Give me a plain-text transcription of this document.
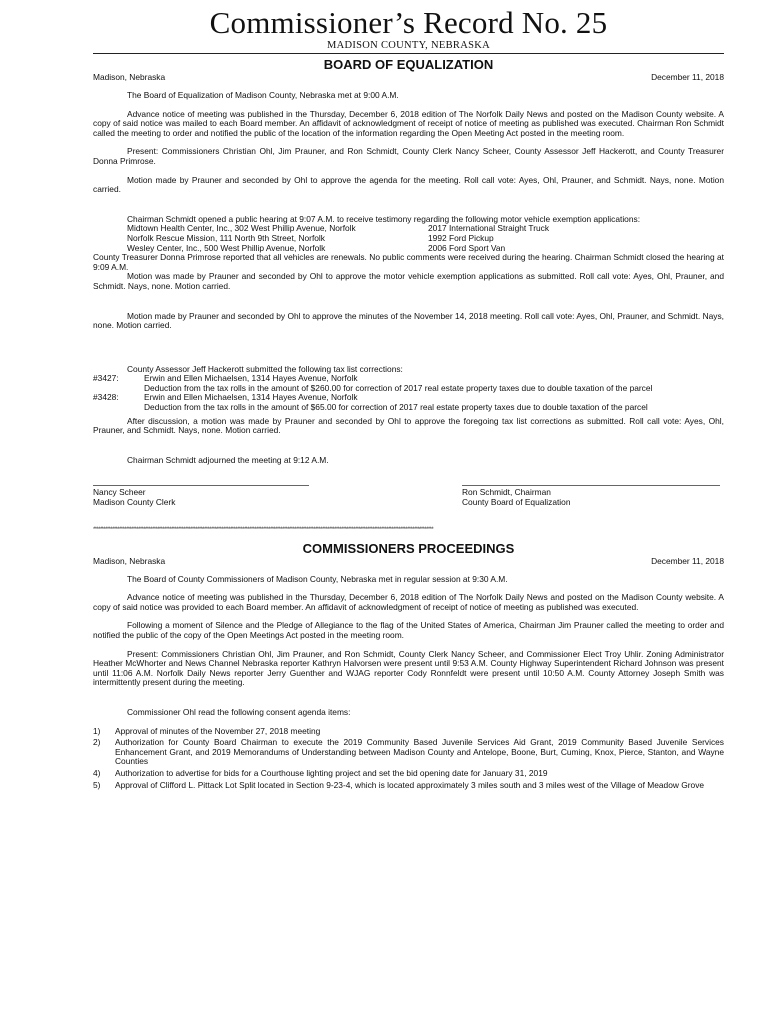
Commissioner’s Record No. 25
MADISON COUNTY, NEBRASKA
BOARD OF EQUALIZATION
Madison, Nebraska	December 11, 2018

The Board of Equalization of Madison County, Nebraska met at 9:00 A.M.

Advance notice of meeting was published in the Thursday, December 6, 2018 edition of The Norfolk Daily News and posted on the Madison County website. A copy of said notice was mailed to each Board member. An affidavit of acknowledgment of receipt of notice of meeting as published was executed. Chairman Ron Schmidt called the meeting to order and notified the public of the location of the information regarding the Open Meeting Act posted in the meeting room.

Present: Commissioners Christian Ohl, Jim Prauner, and Ron Schmidt, County Clerk Nancy Scheer, County Assessor Jeff Hackerott, and County Treasurer Donna Primrose.

Motion made by Prauner and seconded by Ohl to approve the agenda for the meeting. Roll call vote: Ayes, Ohl, Prauner, and Schmidt. Nays, none. Motion carried.

Chairman Schmidt opened a public hearing at 9:07 A.M. to receive testimony regarding the following motor vehicle exemption applications:

Midtown Health Center, Inc., 302 West Phillip Avenue, Norfolk	2017 International Straight Truck
Norfolk Rescue Mission, 111 North 9th Street, Norfolk	1992 Ford Pickup
Wesley Center, Inc., 500 West Phillip Avenue, Norfolk	2006 Ford Sport Van

County Treasurer Donna Primrose reported that all vehicles are renewals. No public comments were received during the hearing. Chairman Schmidt closed the hearing at 9:09 A.M.

Motion was made by Prauner and seconded by Ohl to approve the motor vehicle exemption applications as submitted. Roll call vote: Ayes, Ohl, Prauner, and Schmidt. Nays, none. Motion carried.

Motion made by Prauner and seconded by Ohl to approve the minutes of the November 14, 2018 meeting. Roll call vote: Ayes, Ohl, Prauner, and Schmidt. Nays, none. Motion carried.

County Assessor Jeff Hackerott submitted the following tax list corrections:

#3427:	Erwin and Ellen Michaelsen, 1314 Hayes Avenue, Norfolk
Deduction from the tax rolls in the amount of $260.00 for correction of 2017 real estate property taxes due to double taxation of the parcel
#3428:	Erwin and Ellen Michaelsen, 1314 Hayes Avenue, Norfolk
Deduction from the tax rolls in the amount of $65.00 for correction of 2017 real estate property taxes due to double taxation of the parcel

After discussion, a motion was made by Prauner and seconded by Ohl to approve the foregoing tax list corrections as submitted. Roll call vote: Ayes, Ohl, Prauner, and Schmidt. Nays, none. Motion carried.

Chairman Schmidt adjourned the meeting at 9:12 A.M.

Nancy Scheer
Madison County Clerk
Ron Schmidt, Chairman
County Board of Equalization
****************************************************************************************************************************************************************************************************
COMMISSIONERS PROCEEDINGS
Madison, Nebraska	December 11, 2018

The Board of County Commissioners of Madison County, Nebraska met in regular session at 9:30 A.M.

Advance notice of meeting was published in the Thursday, December 6, 2018 edition of The Norfolk Daily News and posted on the Madison County website. A copy of said notice was provided to each Board member. An affidavit of acknowledgment of receipt of notice of meeting as published was executed.

Following a moment of Silence and the Pledge of Allegiance to the flag of the United States of America, Chairman Jim Prauner called the meeting to order and notified the public of the copy of the Open Meetings Act posted in the meeting room.

Present: Commissioners Christian Ohl, Jim Prauner, and Ron Schmidt, County Clerk Nancy Scheer, and Commissioner Elect Troy Uhlir. Zoning Administrator Heather McWhorter and News Channel Nebraska reporter Kathryn Halvorsen were present until 9:53 A.M. County Highway Superintendent Richard Johnson was present until 11:06 A.M. Norfolk Daily News reporter Jerry Guenther and WJAG reporter Cody Ronnfeldt were present until 10:50 A.M. County Attorney Joseph Smith was intermittently present during the meeting.

Commissioner Ohl read the following consent agenda items:

1)	Approval of minutes of the November 27, 2018 meeting
2)	Authorization for County Board Chairman to execute the 2019 Community Based Juvenile Services Aid Grant, 2019 Community Based Juvenile Services Enhancement Grant, and 2019 Memorandums of Understanding between Madison County and Antelope, Boone, Burt, Cuming, Knox, Pierce, Stanton, and Wayne Counties
4)	Authorization to advertise for bids for a Courthouse lighting project and set the bid opening date for January 31, 2019
5)	Approval of Clifford L. Pittack Lot Split located in Section 9-23-4, which is located approximately 3 miles south and 3 miles west of the Village of Meadow Grove
